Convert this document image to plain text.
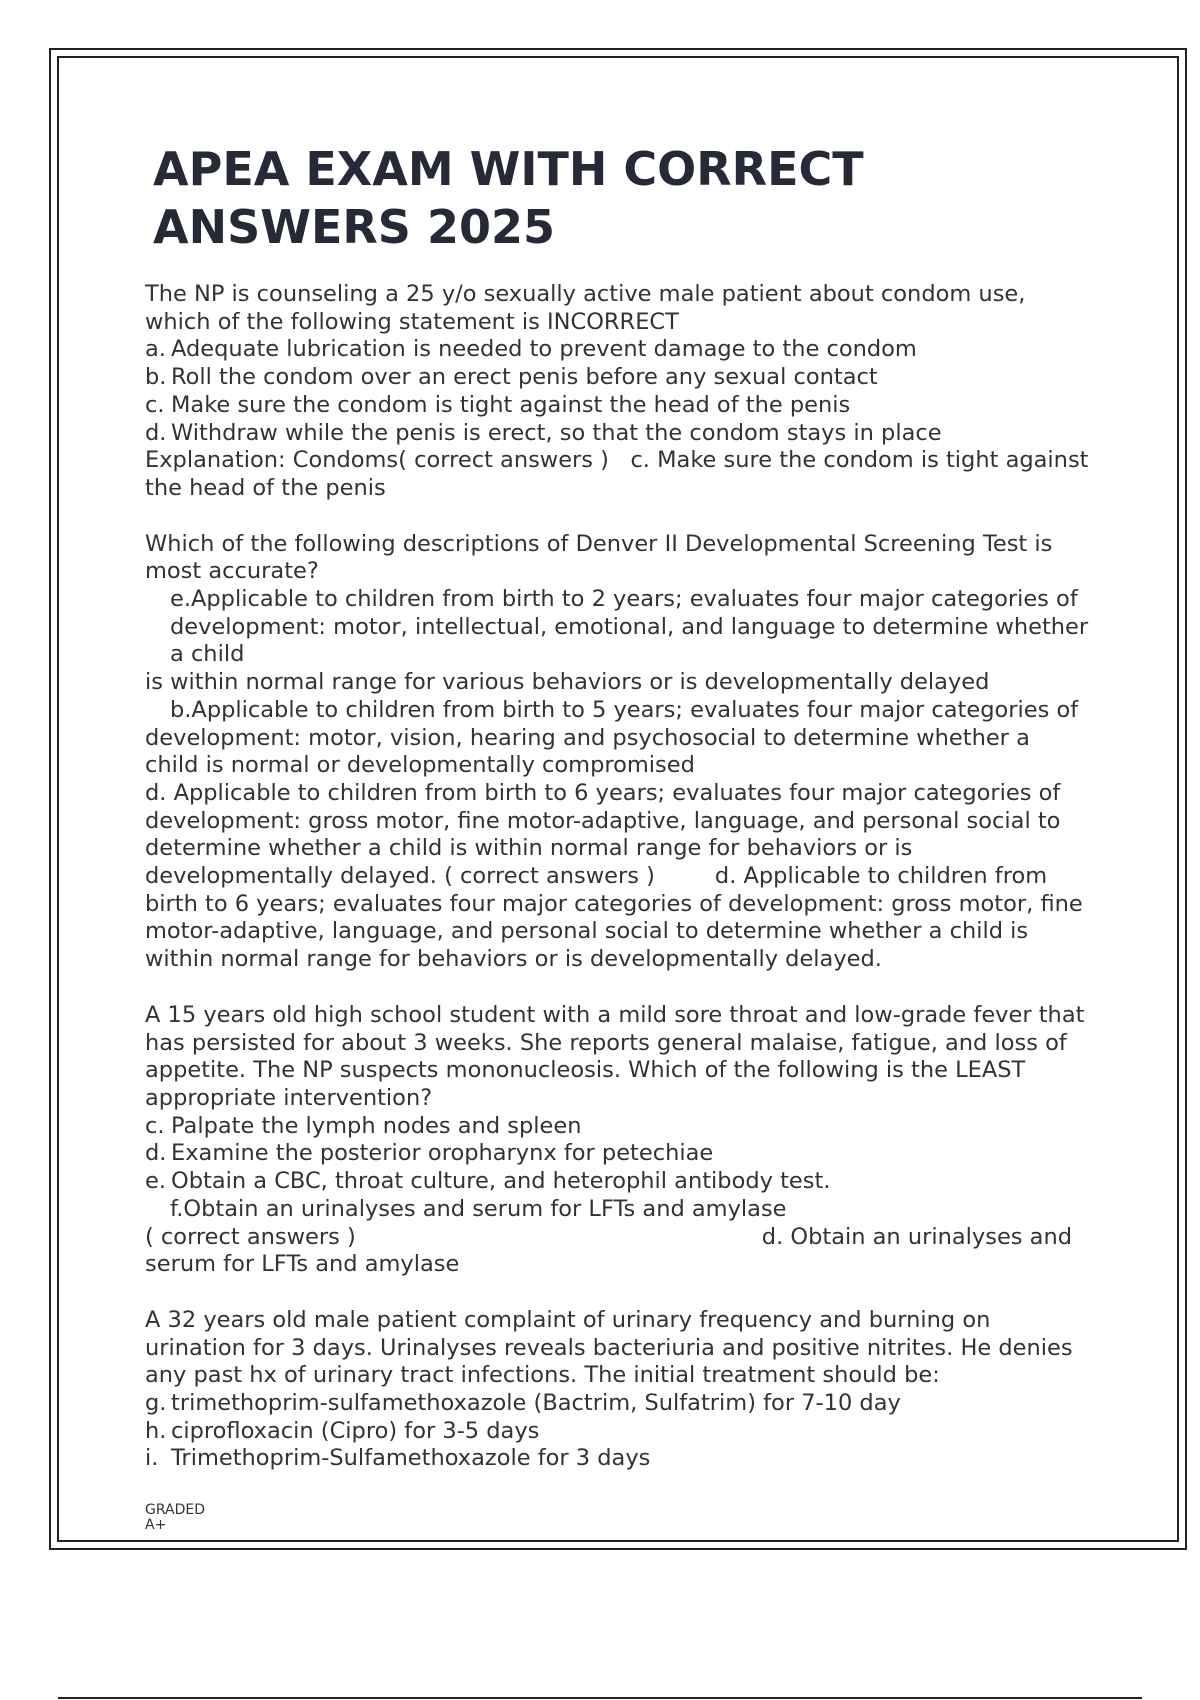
APEA EXAM WITH CORRECT ANSWERS 2025

The NP is counseling a 25 y/o sexually active male patient about condom use, which of the following statement is INCORRECT

a. Adequate lubrication is needed to prevent damage to the condom
b. Roll the condom over an erect penis before any sexual contact
c. Make sure the condom is tight against the head of the penis
d. Withdraw while the penis is erect, so that the condom stays in place

Explanation: Condoms( correct answers ) c. Make sure the condom is tight against the head of the penis

Which of the following descriptions of Denver II Developmental Screening Test is most accurate?

e.Applicable to children from birth to 2 years; evaluates four major categories of development: motor, intellectual, emotional, and language to determine whether a child

is within normal range for various behaviors or is developmentally delayed

b.Applicable to children from birth to 5 years; evaluates four major categories of development: motor, vision, hearing and psychosocial to determine whether a child is normal or developmentally compromised

d. Applicable to children from birth to 6 years; evaluates four major categories of development: gross motor, fine motor-adaptive, language, and personal social to determine whether a child is within normal range for behaviors or is developmentally delayed. ( correct answers )	d. Applicable to children from birth to 6 years; evaluates four major categories of development: gross motor, fine motor-adaptive, language, and personal social to determine whether a child is within normal range for behaviors or is developmentally delayed.

A 15 years old high school student with a mild sore throat and low-grade fever that has persisted for about 3 weeks. She reports general malaise, fatigue, and loss of appetite. The NP suspects mononucleosis. Which of the following is the LEAST appropriate intervention?

c. Palpate the lymph nodes and spleen
d. Examine the posterior oropharynx for petechiae
e. Obtain a CBC, throat culture, and heterophil antibody test.

f.Obtain an urinalyses and serum for LFTs and amylase

( correct answers )	d. Obtain an urinalyses and serum for LFTs and amylase

A 32 years old male patient complaint of urinary frequency and burning on urination for 3 days. Urinalyses reveals bacteriuria and positive nitrites. He denies any past hx of urinary tract infections. The initial treatment should be:

g. trimethoprim-sulfamethoxazole (Bactrim, Sulfatrim) for 7-10 day
h. ciprofloxacin (Cipro) for 3-5 days
i. Trimethoprim-Sulfamethoxazole for 3 days
GRADED
A+
